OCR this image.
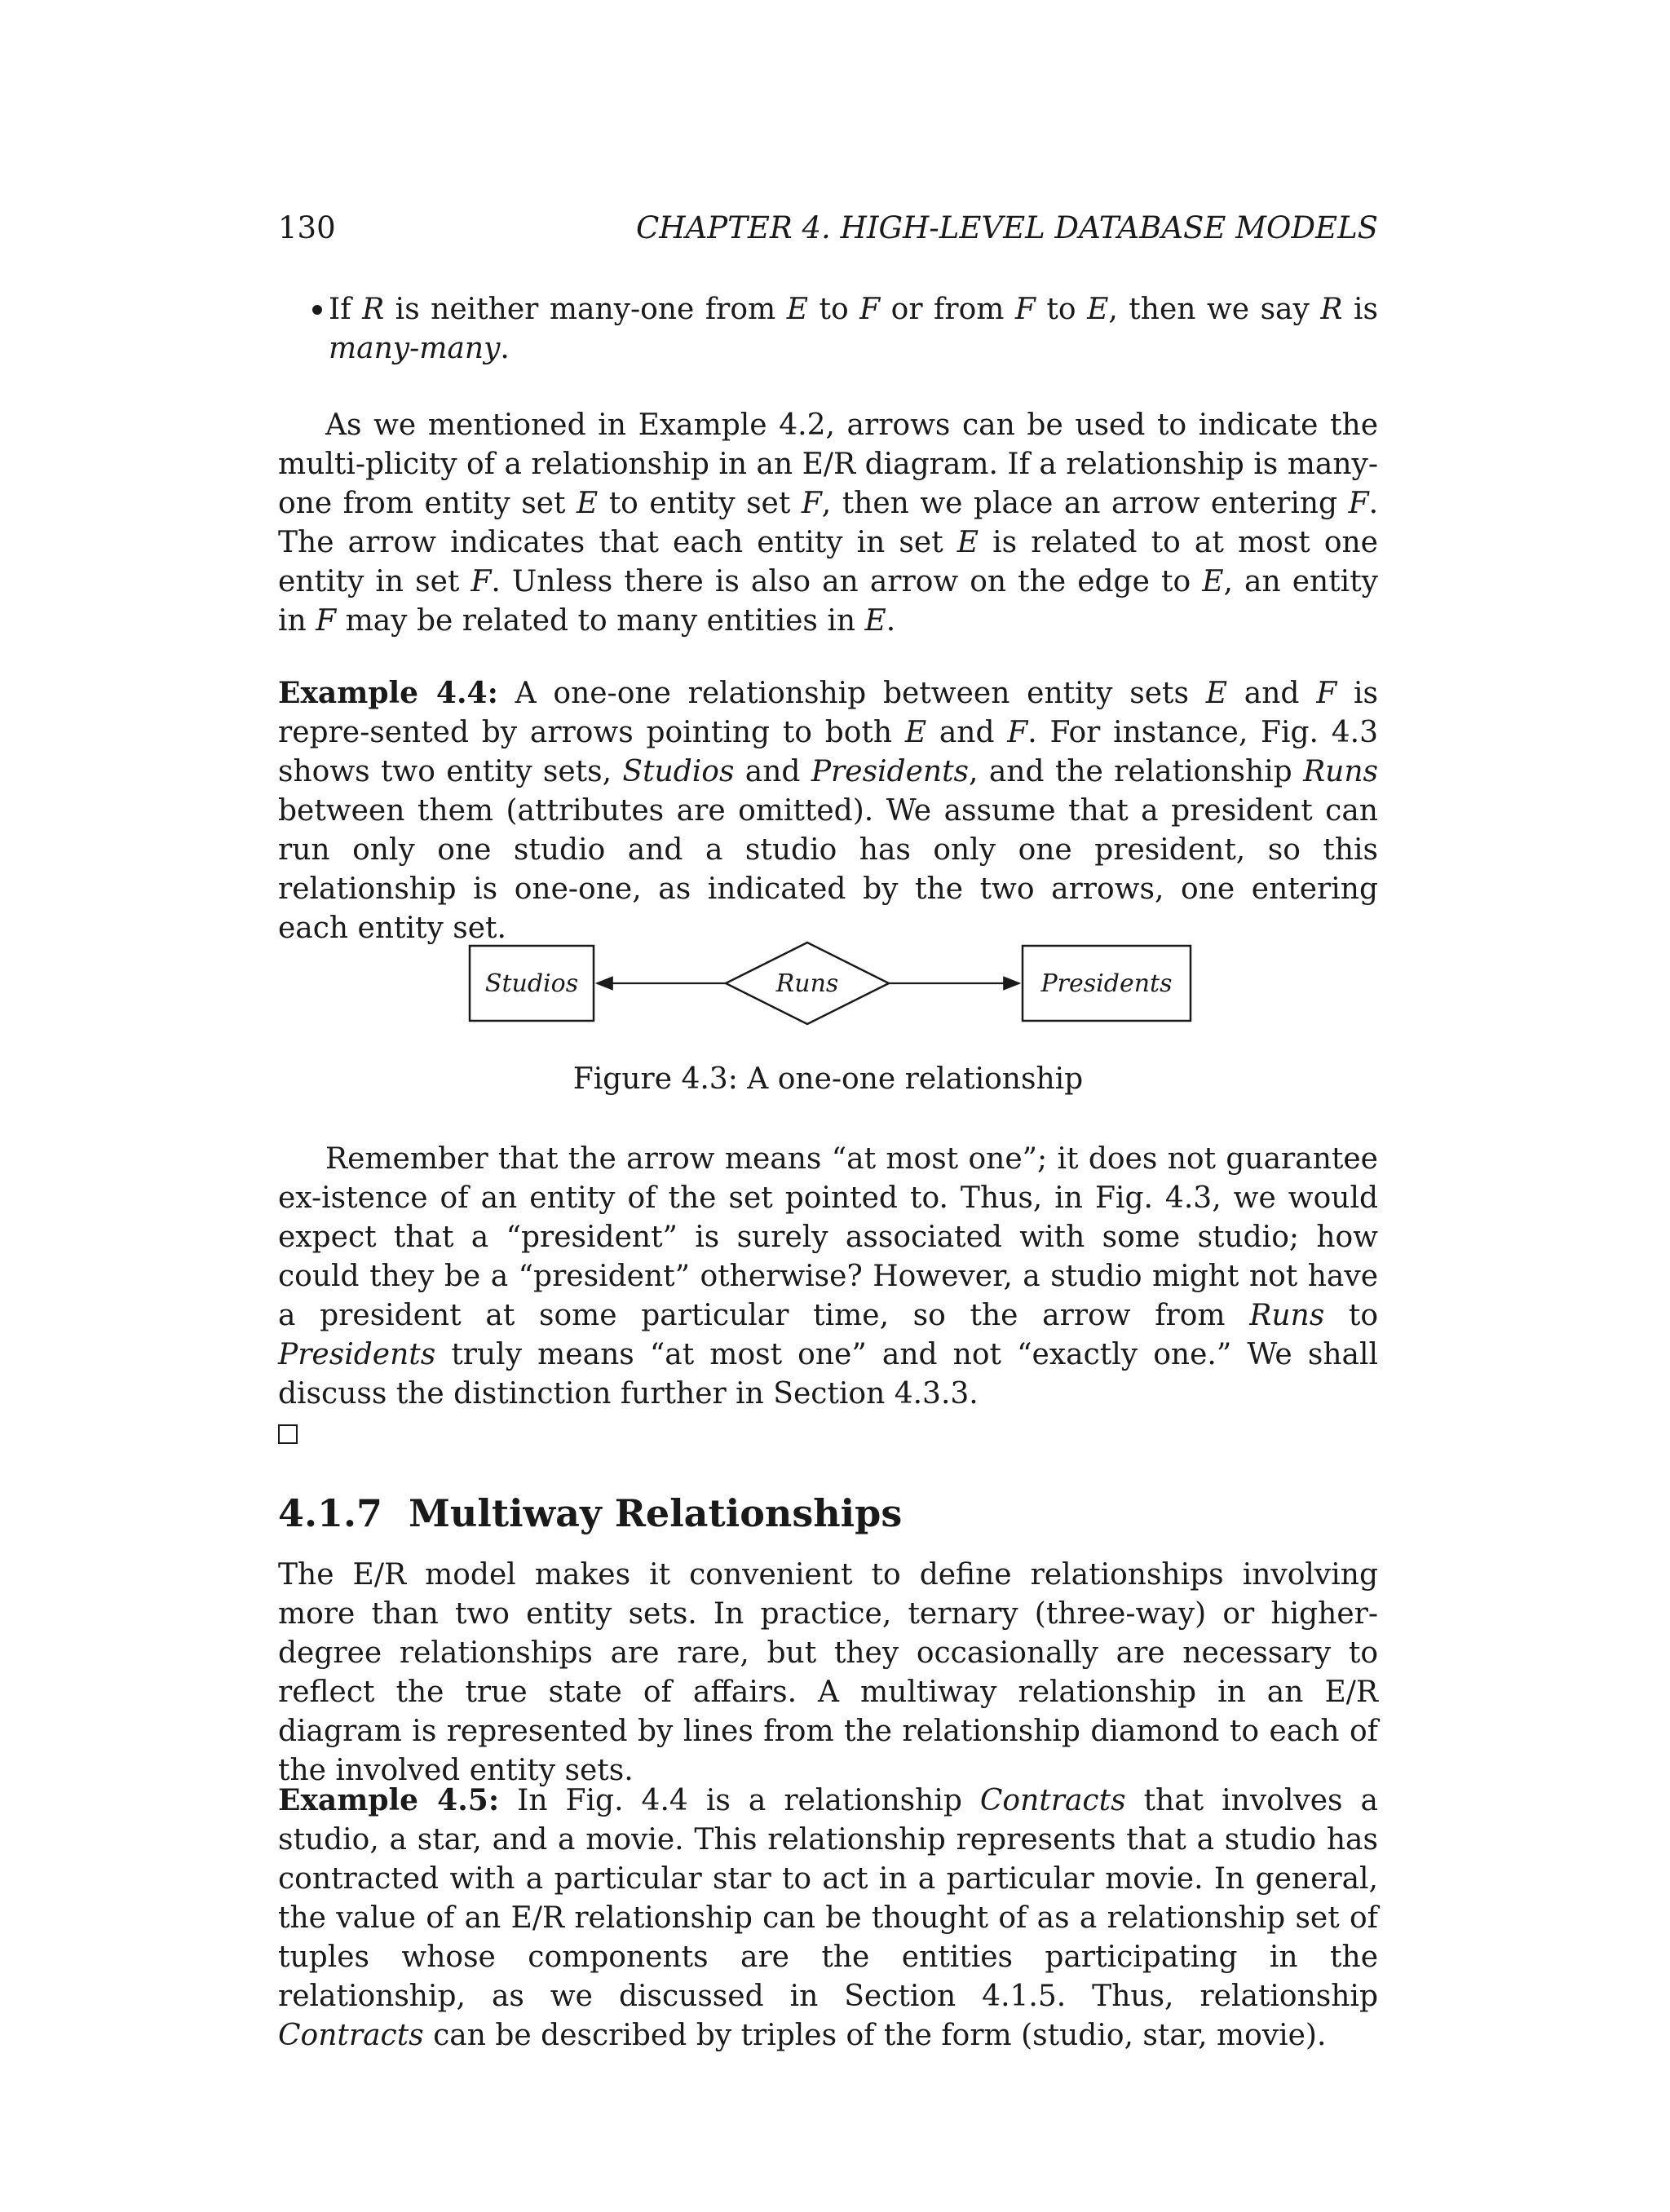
130	CHAPTER 4. HIGH-LEVEL DATABASE MODELS
If R is neither many-one from E to F or from F to E, then we say R is many-many.
As we mentioned in Example 4.2, arrows can be used to indicate the multi-plicity of a relationship in an E/R diagram. If a relationship is many-one from entity set E to entity set F, then we place an arrow entering F. The arrow indicates that each entity in set E is related to at most one entity in set F. Unless there is also an arrow on the edge to E, an entity in F may be related to many entities in E.
Example 4.4: A one-one relationship between entity sets E and F is repre-sented by arrows pointing to both E and F. For instance, Fig. 4.3 shows two entity sets, Studios and Presidents, and the relationship Runs between them (attributes are omitted). We assume that a president can run only one studio and a studio has only one president, so this relationship is one-one, as indicated by the two arrows, one entering each entity set.
Studios	Runs	Presidents
Figure 4.3: A one-one relationship
Remember that the arrow means “at most one”; it does not guarantee ex-istence of an entity of the set pointed to. Thus, in Fig. 4.3, we would expect that a “president” is surely associated with some studio; how could they be a “president” otherwise? However, a studio might not have a president at some particular time, so the arrow from Runs to Presidents truly means “at most one” and not “exactly one.” We shall discuss the distinction further in Section 4.3.3.

4.1.7 Multiway Relationships
The E/R model makes it convenient to define relationships involving more than two entity sets. In practice, ternary (three-way) or higher-degree relationships are rare, but they occasionally are necessary to reflect the true state of affairs. A multiway relationship in an E/R diagram is represented by lines from the relationship diamond to each of the involved entity sets.
Example 4.5: In Fig. 4.4 is a relationship Contracts that involves a studio, a star, and a movie. This relationship represents that a studio has contracted with a particular star to act in a particular movie. In general, the value of an E/R relationship can be thought of as a relationship set of tuples whose components are the entities participating in the relationship, as we discussed in Section 4.1.5. Thus, relationship Contracts can be described by triples of the form (studio, star, movie).
